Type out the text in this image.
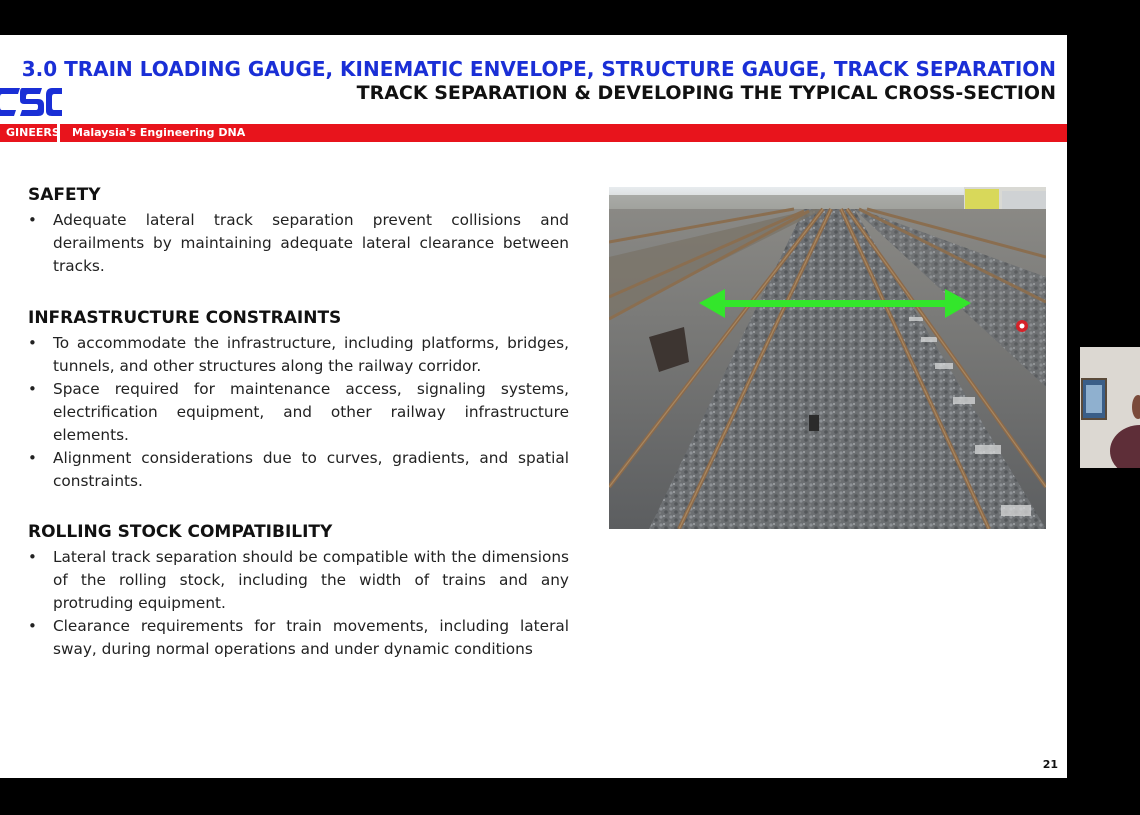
3.0 TRAIN LOADING GAUGE, KINEMATIC ENVELOPE, STRUCTURE GAUGE, TRACK SEPARATION
TRACK SEPARATION & DEVELOPING THE TYPICAL CROSS-SECTION
GINEERS	Malaysia's Engineering DNA
SAFETY
• Adequate lateral track separation prevent collisions and derailments by maintaining adequate lateral clearance between tracks.
INFRASTRUCTURE CONSTRAINTS
• To accommodate the infrastructure, including platforms, bridges, tunnels, and other structures along the railway corridor.
• Space required for maintenance access, signaling systems, electrification equipment, and other railway infrastructure elements.
• Alignment considerations due to curves, gradients, and spatial constraints.
ROLLING STOCK COMPATIBILITY
• Lateral track separation should be compatible with the dimensions of the rolling stock, including the width of trains and any protruding equipment.
• Clearance requirements for train movements, including lateral sway, during normal operations and under dynamic conditions
21
